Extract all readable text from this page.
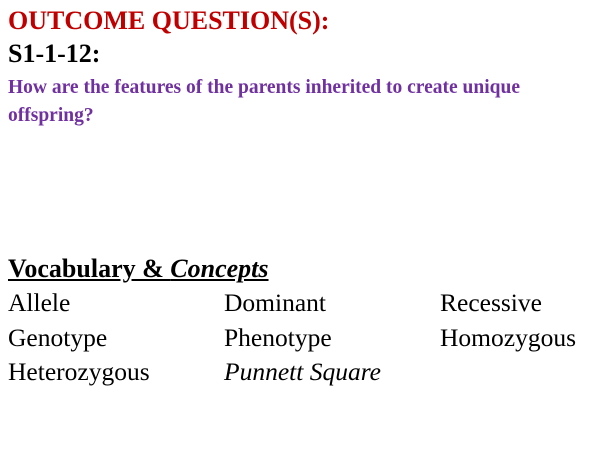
OUTCOME QUESTION(S):
S1-1-12:
How are the features of the parents inherited to create unique offspring?
Vocabulary & Concepts
Allele	Dominant	Recessive
Genotype	Phenotype	Homozygous
Heterozygous	Punnett Square
